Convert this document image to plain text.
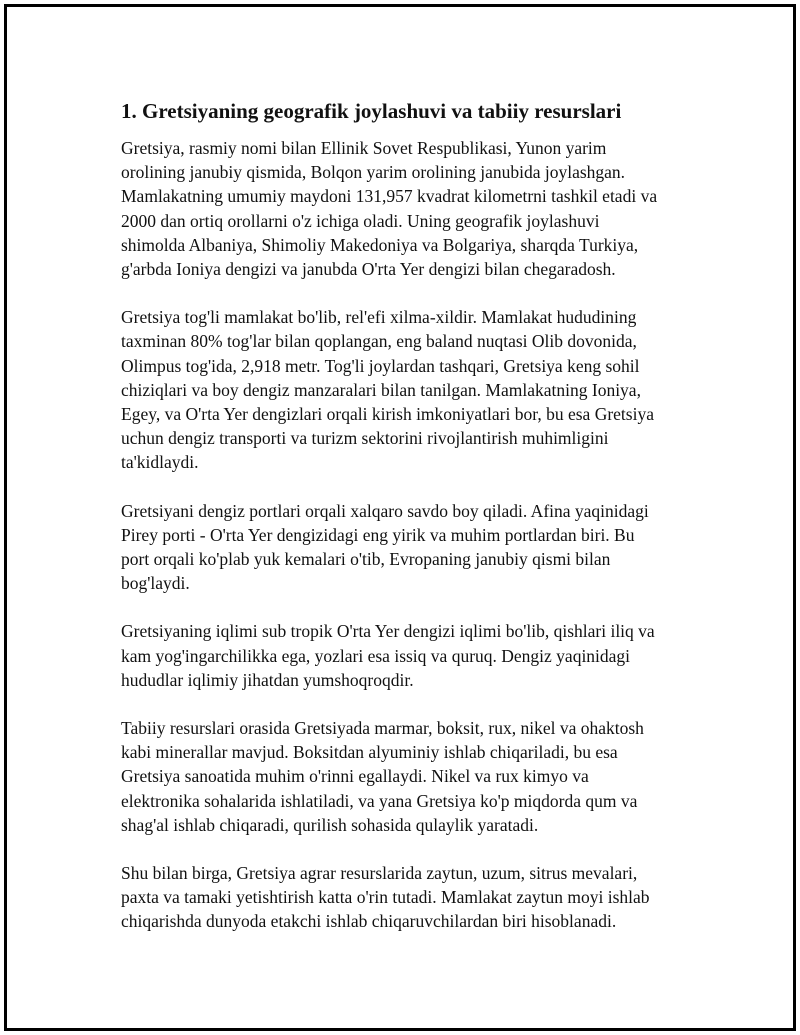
1. Gretsiyaning geografik joylashuvi va tabiiy resurslari

Gretsiya, rasmiy nomi bilan Ellinik Sovet Respublikasi, Yunon yarim
orolining janubiy qismida, Bolqon yarim orolining janubida joylashgan.
Mamlakatning umumiy maydoni 131,957 kvadrat kilometrni tashkil etadi va
2000 dan ortiq orollarni o'z ichiga oladi. Uning geografik joylashuvi
shimolda Albaniya, Shimoliy Makedoniya va Bolgariya, sharqda Turkiya,
g'arbda Ioniya dengizi va janubda O'rta Yer dengizi bilan chegaradosh.

Gretsiya tog'li mamlakat bo'lib, rel'efi xilma-xildir. Mamlakat hududining
taxminan 80% tog'lar bilan qoplangan, eng baland nuqtasi Olib dovonida,
Olimpus tog'ida, 2,918 metr. Tog'li joylardan tashqari, Gretsiya keng sohil
chiziqlari va boy dengiz manzaralari bilan tanilgan. Mamlakatning Ioniya,
Egey, va O'rta Yer dengizlari orqali kirish imkoniyatlari bor, bu esa Gretsiya
uchun dengiz transporti va turizm sektorini rivojlantirish muhimligini
ta'kidlaydi.

Gretsiyani dengiz portlari orqali xalqaro savdo boy qiladi. Afina yaqinidagi
Pirey porti - O'rta Yer dengizidagi eng yirik va muhim portlardan biri. Bu
port orqali ko'plab yuk kemalari o'tib, Evropaning janubiy qismi bilan
bog'laydi.

Gretsiyaning iqlimi sub tropik O'rta Yer dengizi iqlimi bo'lib, qishlari iliq va
kam yog'ingarchilikka ega, yozlari esa issiq va quruq. Dengiz yaqinidagi
hududlar iqlimiy jihatdan yumshoqroqdir.

Tabiiy resurslari orasida Gretsiyada marmar, boksit, rux, nikel va ohaktosh
kabi minerallar mavjud. Boksitdan alyuminiy ishlab chiqariladi, bu esa
Gretsiya sanoatida muhim o'rinni egallaydi. Nikel va rux kimyo va
elektronika sohalarida ishlatiladi, va yana Gretsiya ko'p miqdorda qum va
shag'al ishlab chiqaradi, qurilish sohasida qulaylik yaratadi.

Shu bilan birga, Gretsiya agrar resurslarida zaytun, uzum, sitrus mevalari,
paxta va tamaki yetishtirish katta o'rin tutadi. Mamlakat zaytun moyi ishlab
chiqarishda dunyoda etakchi ishlab chiqaruvchilardan biri hisoblanadi.
